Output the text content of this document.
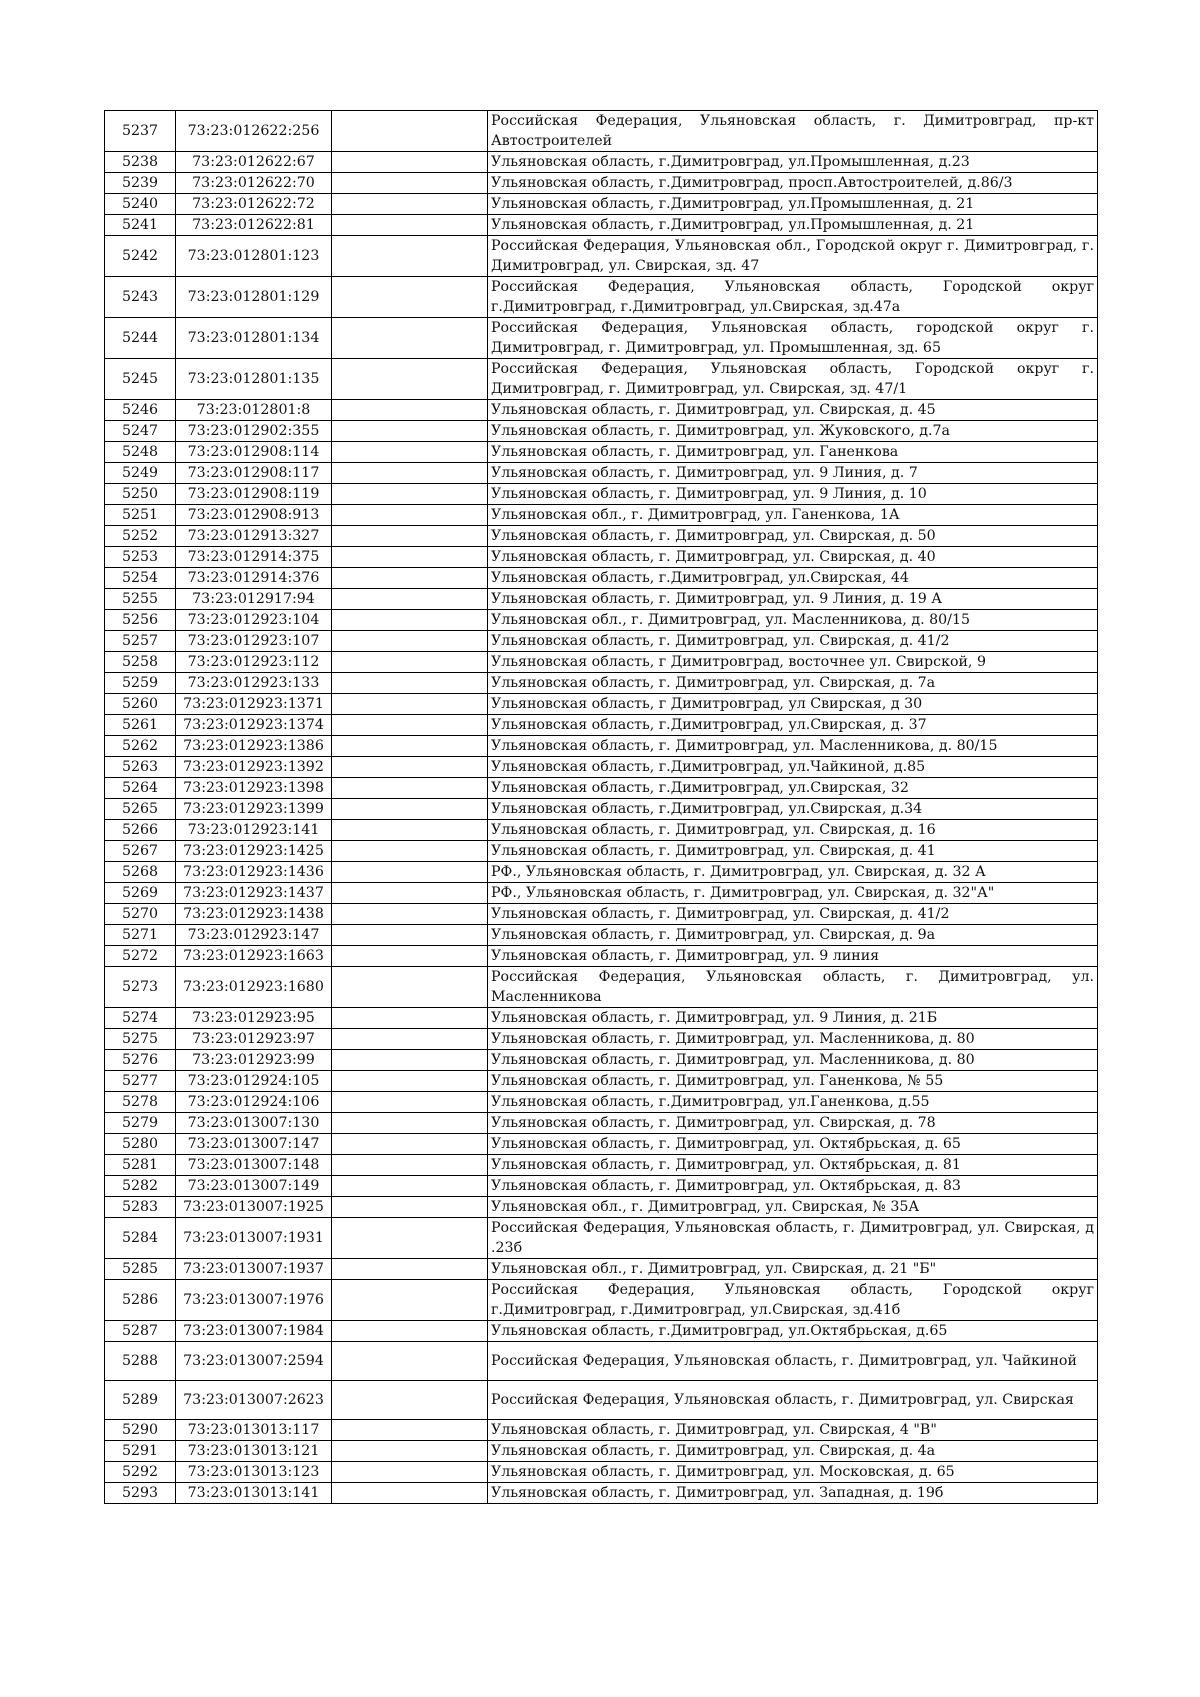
5237	73:23:012622:256		Российская Федерация, Ульяновская область, г. Димитровград, пр-кт Автостроителей
5238	73:23:012622:67		Ульяновская область, г.Димитровград, ул.Промышленная, д.23
5239	73:23:012622:70		Ульяновская область, г.Димитровград, просп.Автостроителей, д.86/3
5240	73:23:012622:72		Ульяновская область, г.Димитровград, ул.Промышленная, д. 21
5241	73:23:012622:81		Ульяновская область, г.Димитровград, ул.Промышленная, д. 21
5242	73:23:012801:123		Российская Федерация, Ульяновская обл., Городской округ г. Димитровград, г. Димитровград, ул. Свирская, зд. 47
5243	73:23:012801:129		Российская Федерация, Ульяновская область, Городской округ г.Димитровград, г.Димитровград, ул.Свирская, зд.47а
5244	73:23:012801:134		Российская Федерация, Ульяновская область, городской округ г. Димитровград, г. Димитровград, ул. Промышленная, зд. 65
5245	73:23:012801:135		Российская Федерация, Ульяновская область, Городской округ г. Димитровград, г. Димитровград, ул. Свирская, зд. 47/1
5246	73:23:012801:8		Ульяновская область, г. Димитровград, ул. Свирская, д. 45
5247	73:23:012902:355		Ульяновская область, г. Димитровград, ул. Жуковского, д.7а
5248	73:23:012908:114		Ульяновская область, г. Димитровград, ул. Ганенкова
5249	73:23:012908:117		Ульяновская область, г. Димитровград, ул. 9 Линия, д. 7
5250	73:23:012908:119		Ульяновская область, г. Димитровград, ул. 9 Линия, д. 10
5251	73:23:012908:913		Ульяновская обл., г. Димитровград, ул. Ганенкова, 1А
5252	73:23:012913:327		Ульяновская область, г. Димитровград, ул. Свирская, д. 50
5253	73:23:012914:375		Ульяновская область, г. Димитровград, ул. Свирская, д. 40
5254	73:23:012914:376		Ульяновская область, г.Димитровград, ул.Свирская, 44
5255	73:23:012917:94		Ульяновская область, г. Димитровград, ул. 9 Линия, д. 19 А
5256	73:23:012923:104		Ульяновская обл., г. Димитровград, ул. Масленникова, д. 80/15
5257	73:23:012923:107		Ульяновская область, г. Димитровград, ул. Свирская, д. 41/2
5258	73:23:012923:112		Ульяновская область, г Димитровград, восточнее ул. Свирской, 9
5259	73:23:012923:133		Ульяновская область, г. Димитровград, ул. Свирская, д. 7а
5260	73:23:012923:1371		Ульяновская область, г Димитровград, ул Свирская, д 30
5261	73:23:012923:1374		Ульяновская область, г.Димитровград, ул.Свирская, д. 37
5262	73:23:012923:1386		Ульяновская область, г. Димитровград, ул. Масленникова, д. 80/15
5263	73:23:012923:1392		Ульяновская область, г.Димитровград, ул.Чайкиной, д.85
5264	73:23:012923:1398		Ульяновская область, г.Димитровград, ул.Свирская, 32
5265	73:23:012923:1399		Ульяновская область, г.Димитровград, ул.Свирская, д.34
5266	73:23:012923:141		Ульяновская область, г. Димитровград, ул. Свирская, д. 16
5267	73:23:012923:1425		Ульяновская область, г. Димитровград, ул. Свирская, д. 41
5268	73:23:012923:1436		РФ., Ульяновская область, г. Димитровград, ул. Свирская, д. 32 А
5269	73:23:012923:1437		РФ., Ульяновская область, г. Димитровград, ул. Свирская, д. 32"А"
5270	73:23:012923:1438		Ульяновская область, г. Димитровград, ул. Свирская, д. 41/2
5271	73:23:012923:147		Ульяновская область, г. Димитровград, ул. Свирская, д. 9а
5272	73:23:012923:1663		Ульяновская область, г. Димитровград, ул. 9 линия
5273	73:23:012923:1680		Российская Федерация, Ульяновская область, г. Димитровград, ул. Масленникова
5274	73:23:012923:95		Ульяновская область, г. Димитровград, ул. 9 Линия, д. 21Б
5275	73:23:012923:97		Ульяновская область, г. Димитровград, ул. Масленникова, д. 80
5276	73:23:012923:99		Ульяновская область, г. Димитровград, ул. Масленникова, д. 80
5277	73:23:012924:105		Ульяновская область, г. Димитровград, ул. Ганенкова, № 55
5278	73:23:012924:106		Ульяновская область, г.Димитровград, ул.Ганенкова, д.55
5279	73:23:013007:130		Ульяновская область, г. Димитровград, ул. Свирская, д. 78
5280	73:23:013007:147		Ульяновская область, г. Димитровград, ул. Октябрьская, д. 65
5281	73:23:013007:148		Ульяновская область, г. Димитровград, ул. Октябрьская, д. 81
5282	73:23:013007:149		Ульяновская область, г. Димитровград, ул. Октябрьская, д. 83
5283	73:23:013007:1925		Ульяновская обл., г. Димитровград, ул. Свирская, № 35А
5284	73:23:013007:1931		Российская Федерация, Ульяновская область, г. Димитровград, ул. Свирская, д .23б
5285	73:23:013007:1937		Ульяновская обл., г. Димитровград, ул. Свирская, д. 21 "Б"
5286	73:23:013007:1976		Российская Федерация, Ульяновская область, Городской округ г.Димитровград, г.Димитровград, ул.Свирская, зд.41б
5287	73:23:013007:1984		Ульяновская область, г.Димитровград, ул.Октябрьская, д.65
5288	73:23:013007:2594		Российская Федерация, Ульяновская область, г. Димитровград, ул. Чайкиной
5289	73:23:013007:2623		Российская Федерация, Ульяновская область, г. Димитровград, ул. Свирская
5290	73:23:013013:117		Ульяновская область, г. Димитровград, ул. Свирская, 4 "В"
5291	73:23:013013:121		Ульяновская область, г. Димитровград, ул. Свирская, д. 4а
5292	73:23:013013:123		Ульяновская область, г. Димитровград, ул. Московская, д. 65
5293	73:23:013013:141		Ульяновская область, г. Димитровград, ул. Западная, д. 19б
